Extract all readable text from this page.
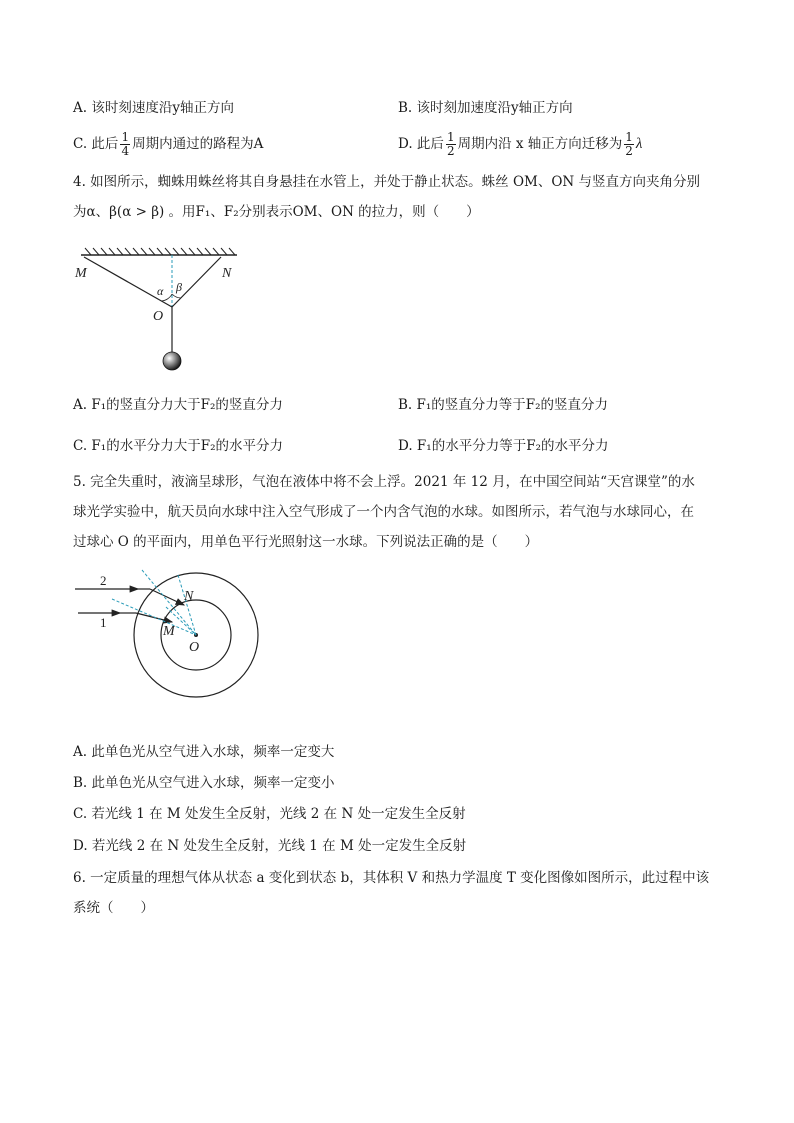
A. 该时刻速度沿y轴正方向	B. 该时刻加速度沿y轴正方向
C. 此后 $\frac{1}{4}$ 周期内通过的路程为A	D. 此后 $\frac{1}{2}$ 周期内沿 x 轴正方向迁移为 $\frac{1}{2}$ λ
4. 如图所示，蜘蛛用蛛丝将其自身悬挂在水管上，并处于静止状态。蛛丝 OM、ON 与竖直方向夹角分别
为α、β(α > β) 。用F₁、F₂分别表示OM、ON 的拉力，则（　　）
M	N
O
α β
A. F₁的竖直分力大于F₂的竖直分力	B. F₁的竖直分力等于F₂的竖直分力
C. F₁的水平分力大于F₂的水平分力	D. F₁的水平分力等于F₂的水平分力
5. 完全失重时，液滴呈球形，气泡在液体中将不会上浮。2021 年 12 月，在中国空间站“天宫课堂”的水
球光学实验中，航天员向水球中注入空气形成了一个内含气泡的水球。如图所示，若气泡与水球同心，在
过球心 O 的平面内，用单色平行光照射这一水球。下列说法正确的是（　　）
2
1
N
M
O
A. 此单色光从空气进入水球，频率一定变大
B. 此单色光从空气进入水球，频率一定变小
C. 若光线 1 在 M 处发生全反射，光线 2 在 N 处一定发生全反射
D. 若光线 2 在 N 处发生全反射，光线 1 在 M 处一定发生全反射
6. 一定质量的理想气体从状态 a 变化到状态 b，其体积 V 和热力学温度 T 变化图像如图所示，此过程中该
系统（　　）
